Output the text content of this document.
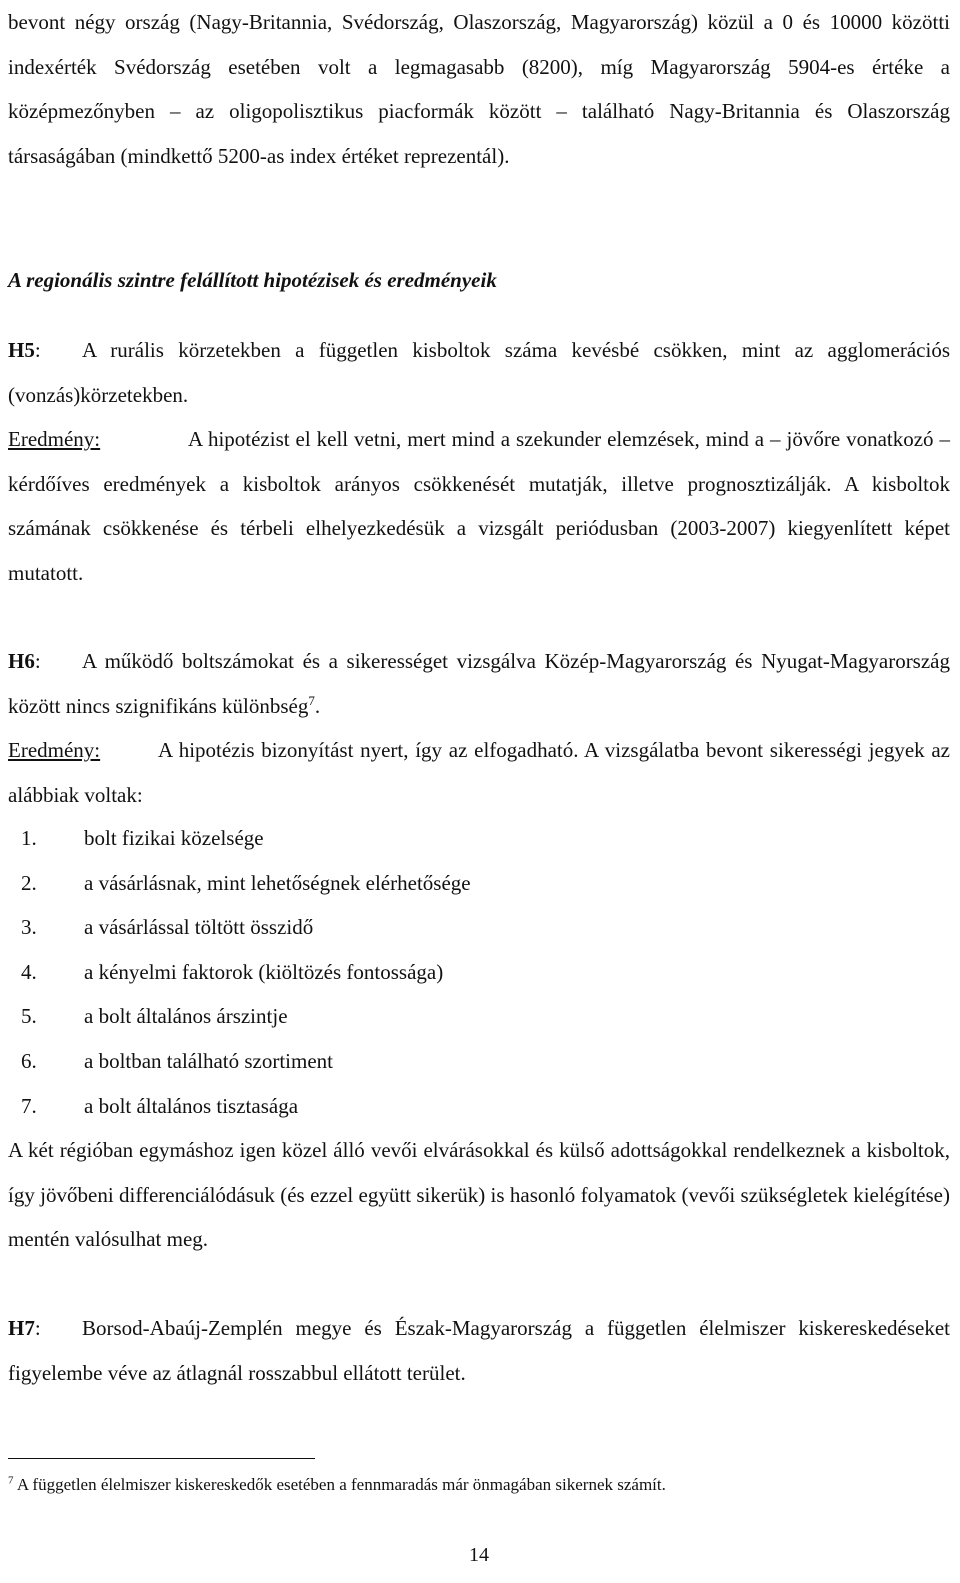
bevont négy ország (Nagy-Britannia, Svédország, Olaszország, Magyarország) közül a 0 és 10000 közötti indexérték Svédország esetében volt a legmagasabb (8200), míg Magyarország 5904-es értéke a középmezőnyben – az oligopolisztikus piacformák között – található Nagy-Britannia és Olaszország társaságában (mindkettő 5200-as index értéket reprezentál).

A regionális szintre felállított hipotézisek és eredményeik

H5: A rurális körzetekben a független kisboltok száma kevésbé csökken, mint az agglomerációs (vonzás)körzetekben.

Eredmény:	A hipotézist el kell vetni, mert mind a szekunder elemzések, mind a – jövőre vonatkozó – kérdőíves eredmények a kisboltok arányos csökkenését mutatják, illetve prognosztizálják. A kisboltok számának csökkenése és térbeli elhelyezkedésük a vizsgált periódusban (2003-2007) kiegyenlített képet mutatott.

H6: A működő boltszámokat és a sikerességet vizsgálva Közép-Magyarország és Nyugat-Magyarország között nincs szignifikáns különbség$^7$.

Eredmény:	A hipotézis bizonyítást nyert, így az elfogadható. A vizsgálatba bevont sikerességi jegyek az alábbiak voltak:

1.	bolt fizikai közelsége
2.	a vásárlásnak, mint lehetőségnek elérhetősége
3.	a vásárlással töltött összidő
4.	a kényelmi faktorok (kiöltözés fontossága)
5.	a bolt általános árszintje
6.	a boltban található szortiment
7.	a bolt általános tisztasága

A két régióban egymáshoz igen közel álló vevői elvárásokkal és külső adottságokkal rendelkeznek a kisboltok, így jövőbeni differenciálódásuk (és ezzel együtt sikerük) is hasonló folyamatok (vevői szükségletek kielégítése) mentén valósulhat meg.

H7: Borsod-Abaúj-Zemplén megye és Észak-Magyarország a független élelmiszer kiskereskedéseket figyelembe véve az átlagnál rosszabbul ellátott terület.

$^7$ A független élelmiszer kiskereskedők esetében a fennmaradás már önmagában sikernek számít.

14
